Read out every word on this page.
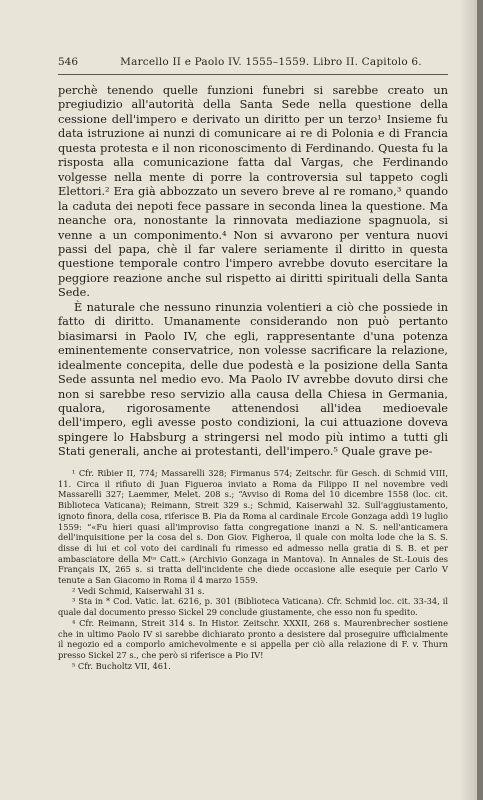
546	Marcello II e Paolo IV. 1555–1559. Libro II. Capitolo 6.

perchè tenendo quelle funzioni funebri si sarebbe creato un pregiudizio all'autorità della Santa Sede nella questione della cessione dell'impero e derivato un diritto per un terzo¹ Insieme fu data istruzione ai nunzi di comunicare ai re di Polonia e di Francia questa protesta e il non riconoscimento di Ferdinando. Questa fu la risposta alla comunicazione fatta dal Vargas, che Ferdinando volgesse nella mente di porre la controversia sul tappeto cogli Elettori.² Era già abbozzato un severo breve al re romano,³ quando la caduta dei nepoti fece passare in seconda linea la questione. Ma neanche ora, nonostante la rinnovata mediazione spagnuola, si venne a un componimento.⁴ Non si avvarono per ventura nuovi passi del papa, chè il far valere seriamente il diritto in questa questione temporale contro l'impero avrebbe dovuto esercitare la peggiore reazione anche sul rispetto ai diritti spirituali della Santa Sede.

È naturale che nessuno rinunzia volentieri a ciò che possiede in fatto di diritto. Umanamente considerando non può pertanto biasimarsi in Paolo IV, che egli, rappresentante d'una potenza eminentemente conservatrice, non volesse sacrificare la relazione, idealmente concepita, delle due podestà e la posizione della Santa Sede assunta nel medio evo. Ma Paolo IV avrebbe dovuto dirsi che non si sarebbe reso servizio alla causa della Chiesa in Germania, qualora, rigorosamente attenendosi all'idea medioevale dell'impero, egli avesse posto condizioni, la cui attuazione doveva spingere lo Habsburg a stringersi nel modo più intimo a tutti gli Stati generali, anche ai protestanti, dell'impero.⁵ Quale grave pe-

¹ Cfr. Ribier II, 774; Massarelli 328; Firmanus 574; Zeitschr. für Gesch. di Schmid VIII, 11. Circa il rifiuto di Juan Figueroa inviato a Roma da Filippo II nel novembre vedi Massarelli 327; Laemmer, Melet. 208 s.; “Avviso di Roma del 10 dicembre 1558 (loc. cit. Biblioteca Vaticana); Reimann, Streit 329 s.; Schmid, Kaiserwahl 32. Sull'aggiustamento, ignoto finora, della cosa, riferisce B. Pia da Roma al cardinale Ercole Gonzaga addì 19 luglio 1559: “«Fu hieri quasi all'improviso fatta congregatione inanzi a N. S. nell'anticamera dell'inquisitione per la cosa del s. Don Giov. Figheroa, il quale con molta lode che la S. S. disse di lui et col voto dei cardinali fu rimesso ed admesso nella gratia di S. B. et per ambasciatore della Mᵗᵃ Catt.» (Archivio Gonzaga in Mantova). In Annales de St.-Louis des Français IX, 265 s. si tratta dell'incidente che diede occasione alle esequie per Carlo V tenute a San Giacomo in Roma il 4 marzo 1559.

² Vedi Schmid, Kaiserwahl 31 s.

³ Sta in * Cod. Vatic. lat. 6216, p. 301 (Biblioteca Vaticana). Cfr. Schmid loc. cit. 33-34, il quale dal documento presso Sickel 29 conclude giustamente, che esso non fu spedito.

⁴ Cfr. Reimann, Streit 314 s. In Histor. Zeitschr. XXXII, 268 s. Maurenbrecher sostiene che in ultimo Paolo IV si sarebbe dichiarato pronto a desistere dal proseguire ufficialmente il negozio ed a comporlo amichevolmente e si appella per ciò alla relazione di F. v. Thurn presso Sickel 27 s., che però si riferisce a Pio IV!

⁵ Cfr. Bucholtz VII, 461.
